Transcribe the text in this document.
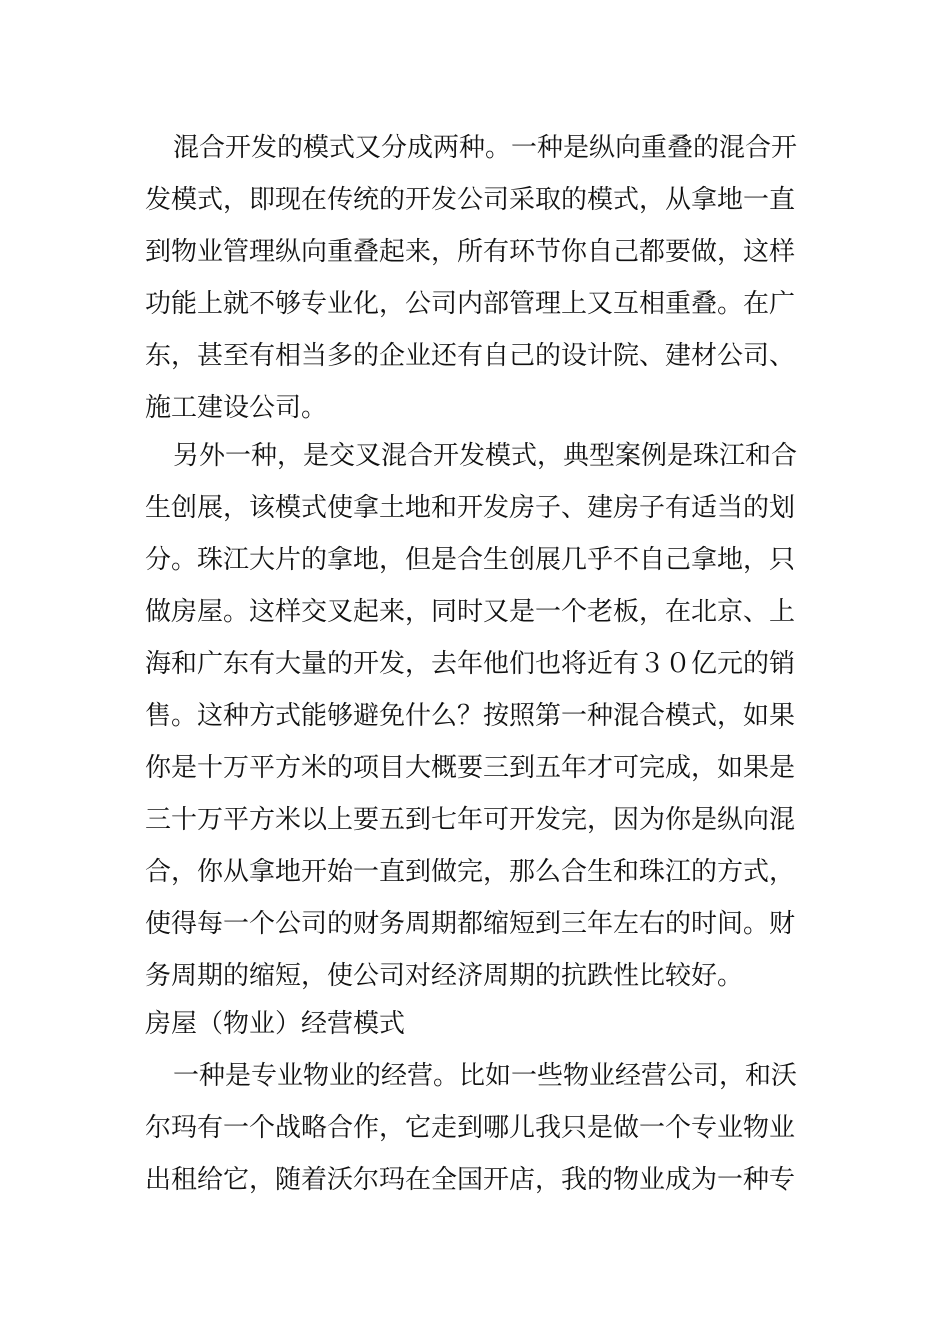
混合开发的模式又分成两种。一种是纵向重叠的混合开
发模式，即现在传统的开发公司采取的模式，从拿地一直
到物业管理纵向重叠起来，所有环节你自己都要做，这样
功能上就不够专业化，公司内部管理上又互相重叠。在广
东，甚至有相当多的企业还有自己的设计院、建材公司、
施工建设公司。
另外一种，是交叉混合开发模式，典型案例是珠江和合
生创展，该模式使拿土地和开发房子、建房子有适当的划
分。珠江大片的拿地，但是合生创展几乎不自己拿地，只
做房屋。这样交叉起来，同时又是一个老板，在北京、上
海和广东有大量的开发，去年他们也将近有３０亿元的销
售。这种方式能够避免什么？按照第一种混合模式，如果
你是十万平方米的项目大概要三到五年才可完成，如果是
三十万平方米以上要五到七年可开发完，因为你是纵向混
合，你从拿地开始一直到做完，那么合生和珠江的方式，
使得每一个公司的财务周期都缩短到三年左右的时间。财
务周期的缩短，使公司对经济周期的抗跌性比较好。
房屋（物业）经营模式
一种是专业物业的经营。比如一些物业经营公司，和沃
尔玛有一个战略合作，它走到哪儿我只是做一个专业物业
出租给它，随着沃尔玛在全国开店，我的物业成为一种专
